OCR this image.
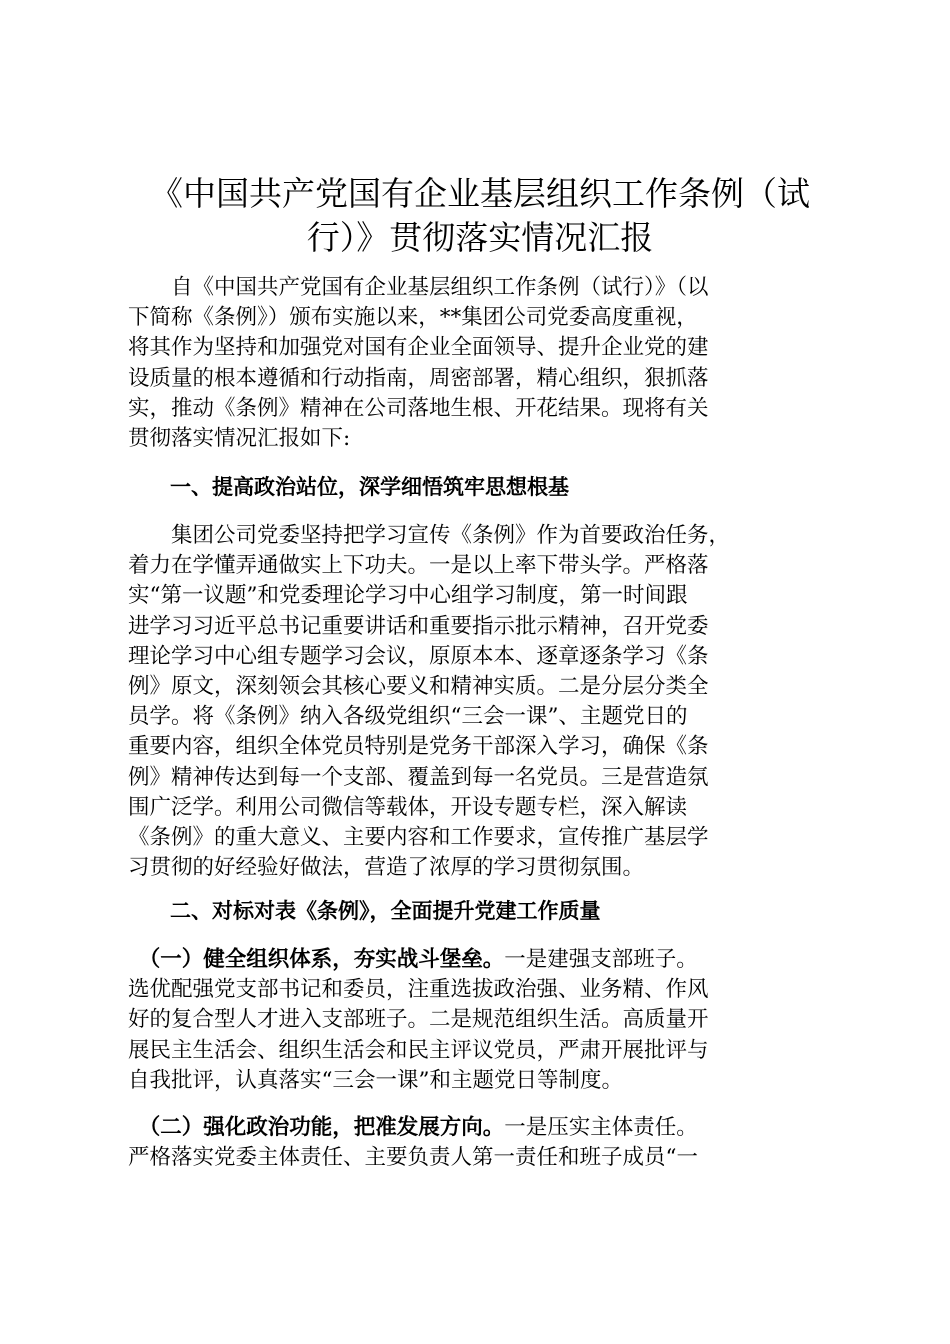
《中国共产党国有企业基层组织工作条例（试
行）》贯彻落实情况汇报
　　自《中国共产党国有企业基层组织工作条例（试行）》（以
下简称《条例》）颁布实施以来，**集团公司党委高度重视，
将其作为坚持和加强党对国有企业全面领导、提升企业党的建
设质量的根本遵循和行动指南，周密部署，精心组织，狠抓落
实，推动《条例》精神在公司落地生根、开花结果。现将有关
贯彻落实情况汇报如下:
一、提高政治站位，深学细悟筑牢思想根基
　　集团公司党委坚持把学习宣传《条例》作为首要政治任务，
着力在学懂弄通做实上下功夫。一是以上率下带头学。严格落
实“第一议题”和党委理论学习中心组学习制度，第一时间跟
进学习习近平总书记重要讲话和重要指示批示精神，召开党委
理论学习中心组专题学习会议，原原本本、逐章逐条学习《条
例》原文，深刻领会其核心要义和精神实质。二是分层分类全
员学。将《条例》纳入各级党组织“三会一课”、主题党日的
重要内容，组织全体党员特别是党务干部深入学习，确保《条
例》精神传达到每一个支部、覆盖到每一名党员。三是营造氛
围广泛学。利用公司微信等载体，开设专题专栏，深入解读
《条例》的重大意义、主要内容和工作要求，宣传推广基层学
习贯彻的好经验好做法，营造了浓厚的学习贯彻氛围。
二、对标对表《条例》，全面提升党建工作质量
　（一）健全组织体系，夯实战斗堡垒。一是建强支部班子。
选优配强党支部书记和委员，注重选拔政治强、业务精、作风
好的复合型人才进入支部班子。二是规范组织生活。高质量开
展民主生活会、组织生活会和民主评议党员，严肃开展批评与
自我批评，认真落实“三会一课”和主题党日等制度。
　（二）强化政治功能，把准发展方向。一是压实主体责任。
严格落实党委主体责任、主要负责人第一责任和班子成员“一
